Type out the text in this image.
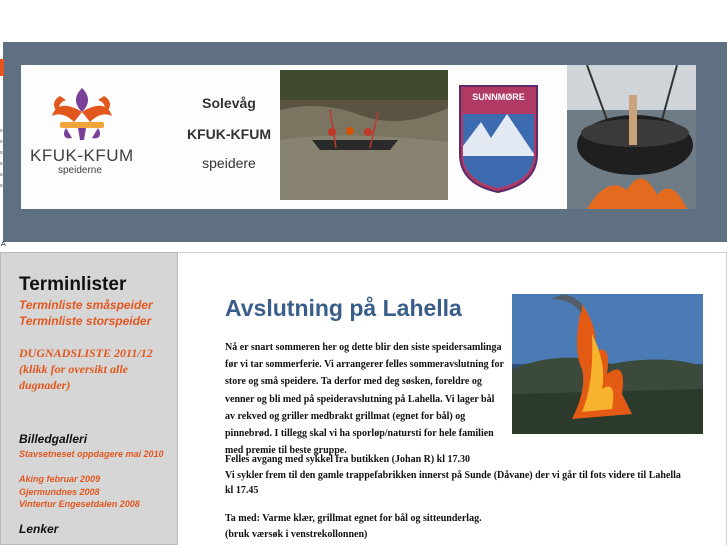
s
s
s
s
s
s
A
KFUK-KFUM
speiderne
Solevåg
KFUK-KFUM
speidere
SUNNMØRE
Terminlister
Terminliste småspeider
Terminliste storspeider
DUGNADSLISTE 2011/12 (klikk for oversikt alle dugnader)
Billedgalleri
Stavsetneset oppdagere mai 2010
Aking februar 2009
Gjermundnes 2008
Vintertur Engesetdalen 2008
Lenker
Avslutning på Lahella
Nå er snart sommeren her og dette blir den siste speidersamlinga
før vi tar sommerferie. Vi arrangerer felles sommeravslutning for
store og små speidere. Ta derfor med deg søsken, foreldre og
venner og bli med på speideravslutning på Lahella. Vi lager bål
av rekved og griller medbrakt grillmat (egnet for bål) og
pinnebrød. I tillegg skal vi ha sporløp/natursti for hele familien
med premie til beste gruppe.
Felles avgang med sykkel fra butikken (Johan R) kl 17.30
Vi sykler frem til den gamle trappefabrikken innerst på Sunde (Dåvane) der vi går til fots videre til Lahella
kl 17.45
Ta med: Varme klær, grillmat egnet for bål og sitteunderlag.
(bruk værsøk i venstrekollonnen)
